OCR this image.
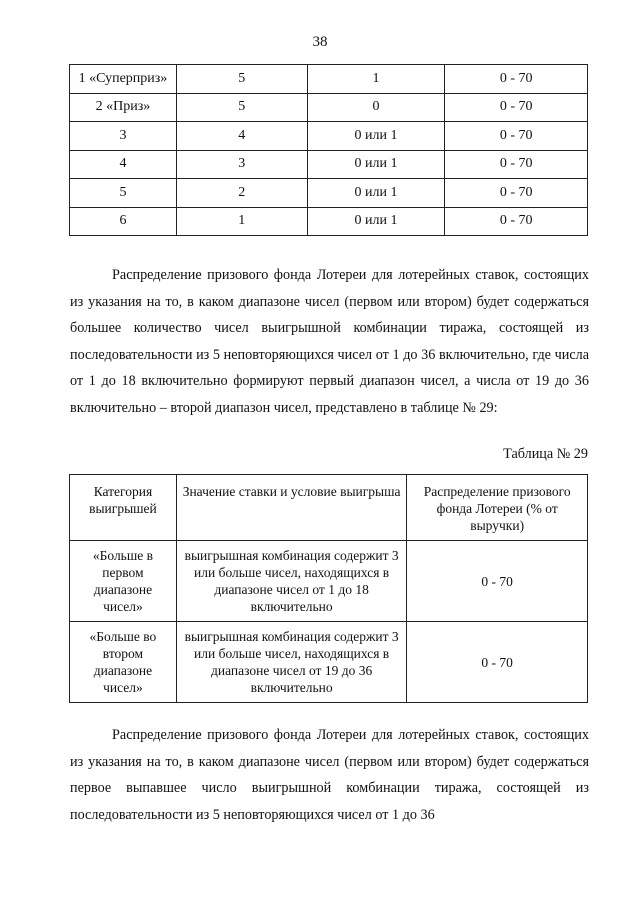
38
1 «Суперприз»	5	1	0 - 70
2 «Приз»	5	0	0 - 70
3	4	0 или 1	0 - 70
4	3	0 или 1	0 - 70
5	2	0 или 1	0 - 70
6	1	0 или 1	0 - 70

Распределение призового фонда Лотереи для лотерейных ставок, состоящих из указания на то, в каком диапазоне чисел (первом или втором) будет содержаться большее количество чисел выигрышной комбинации тиража, состоящей из последовательности из 5 неповторяющихся чисел от 1 до 36 включительно, где числа от 1 до 18 включительно формируют первый диапазон чисел, а числа от 19 до 36 включительно – второй диапазон чисел, представлено в таблице № 29:

Таблица № 29
Категория выигрышей	Значение ставки и условие выигрыша	Распределение призового фонда Лотереи (% от выручки)
«Больше в первом диапазоне чисел»	выигрышная комбинация содержит 3 или больше чисел, находящихся в диапазоне чисел от 1 до 18 включительно	0 - 70
«Больше во втором диапазоне чисел»	выигрышная комбинация содержит 3 или больше чисел, находящихся в диапазоне чисел от 19 до 36 включительно	0 - 70

Распределение призового фонда Лотереи для лотерейных ставок, состоящих из указания на то, в каком диапазоне чисел (первом или втором) будет содержаться первое выпавшее число выигрышной комбинации тиража, состоящей из последовательности из 5 неповторяющихся чисел от 1 до 36
